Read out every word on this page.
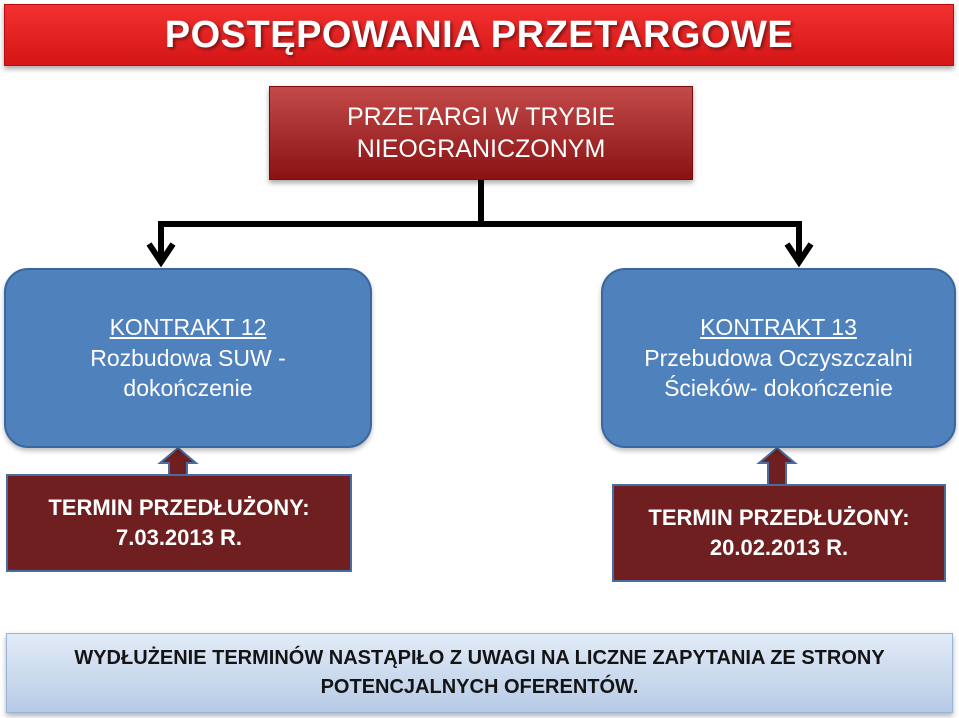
POSTĘPOWANIA PRZETARGOWE
PRZETARGI W TRYBIE
NIEOGRANICZONYM
KONTRAKT 12
Rozbudowa SUW -
dokończenie
KONTRAKT 13
Przebudowa Oczyszczalni
Ścieków- dokończenie
TERMIN PRZEDŁUŻONY:
7.03.2013 R.
TERMIN PRZEDŁUŻONY:
20.02.2013 R.
WYDŁUŻENIE TERMINÓW NASTĄPIŁO Z UWAGI NA LICZNE ZAPYTANIA ZE STRONY
POTENCJALNYCH OFERENTÓW.
